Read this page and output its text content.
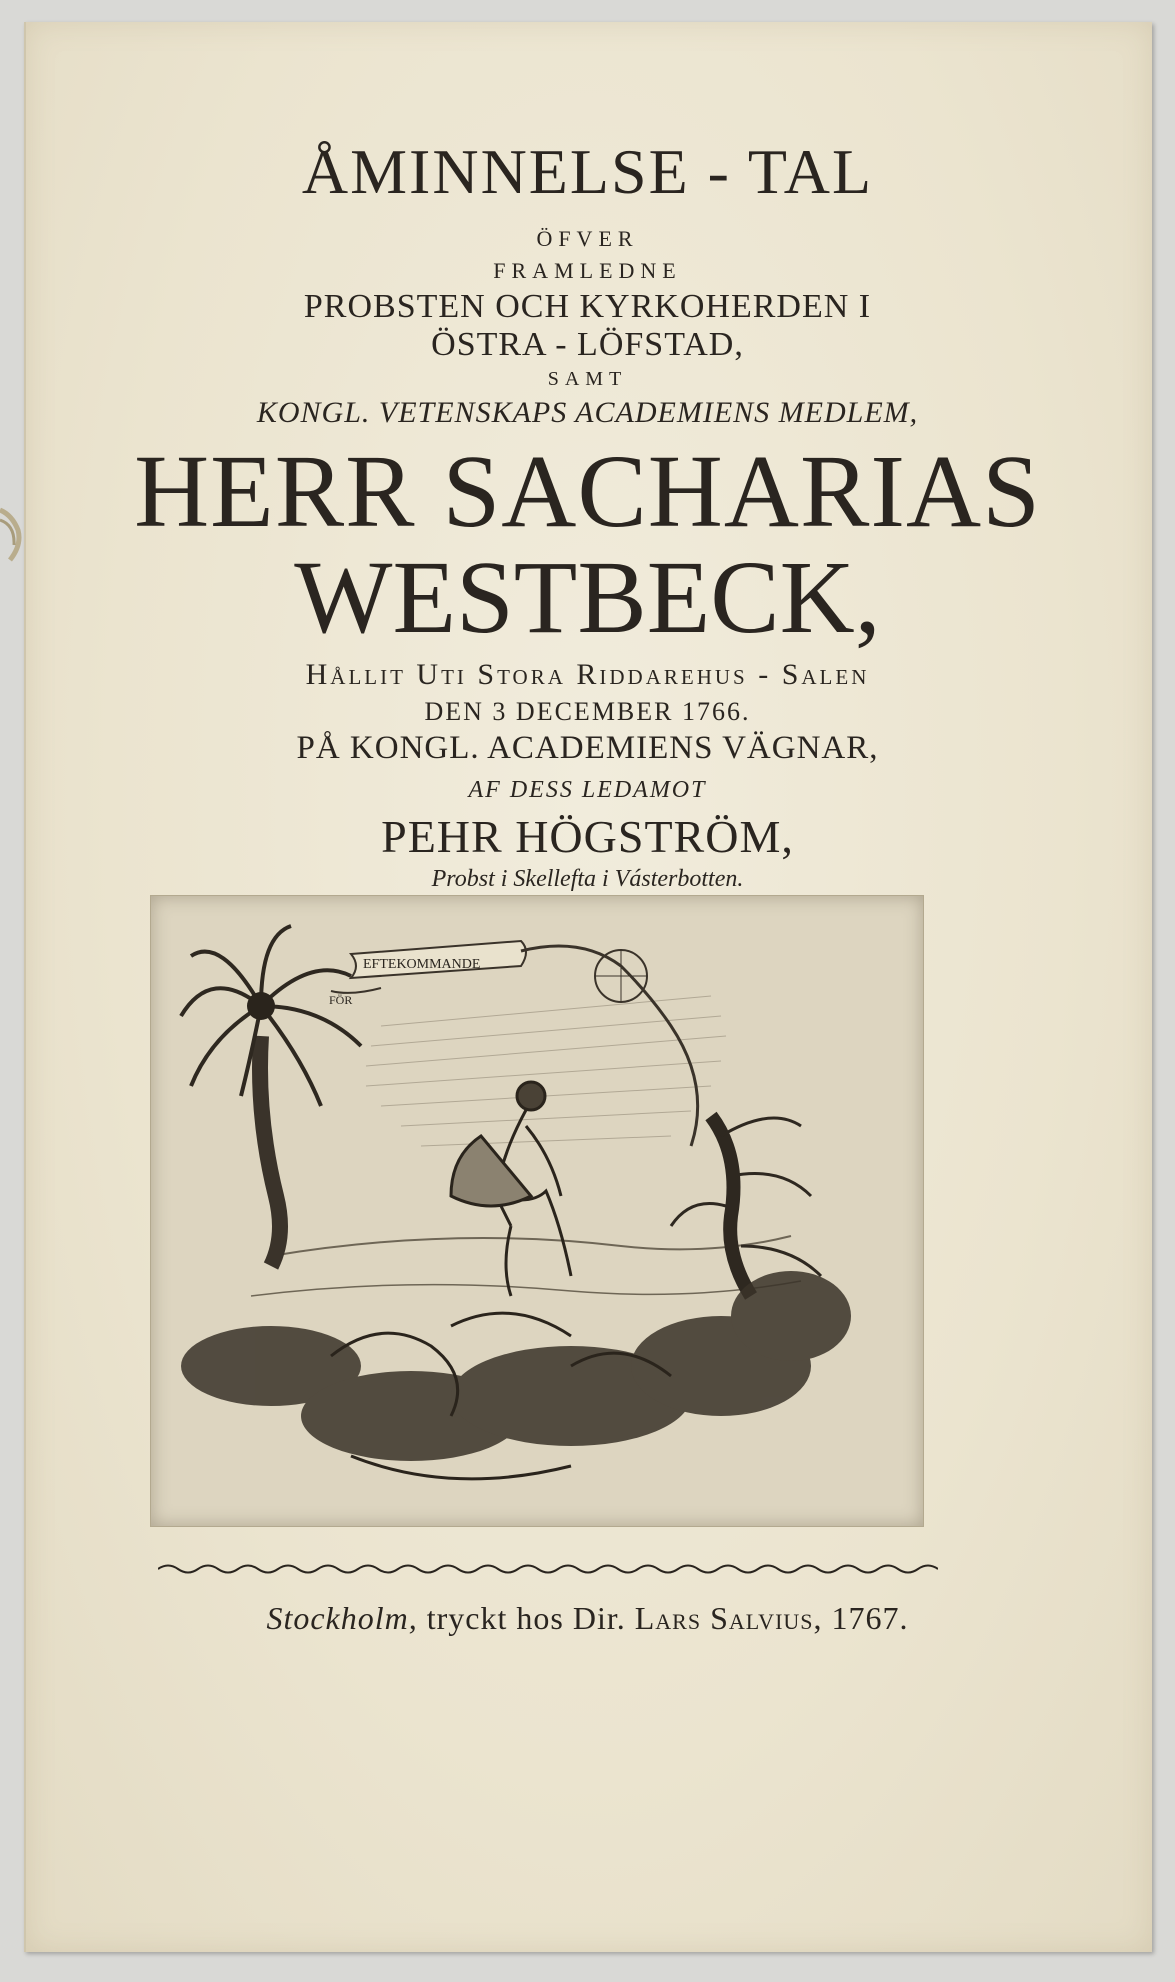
ÅMINNELSE - TAL
ÖFVER
FRAMLEDNE
PROBSTEN OCH KYRKOHERDEN I
ÖSTRA - LÖFSTAD,
SAMT
KONGL. VETENSKAPS ACADEMIENS MEDLEM,
HERR SACHARIAS
WESTBECK,
Hållit Uti Stora Riddarehus - Salen
DEN 3 DECEMBER 1766.
PÅ KONGL. ACADEMIENS VÄGNAR,
AF DESS LEDAMOT
PEHR HÖGSTRÖM,
Probst i Skellefta i Vásterbotten.
EFTEKOMMANDE
FÖR
Stockholm, tryckt hos Dir. Lars Salvius, 1767.
